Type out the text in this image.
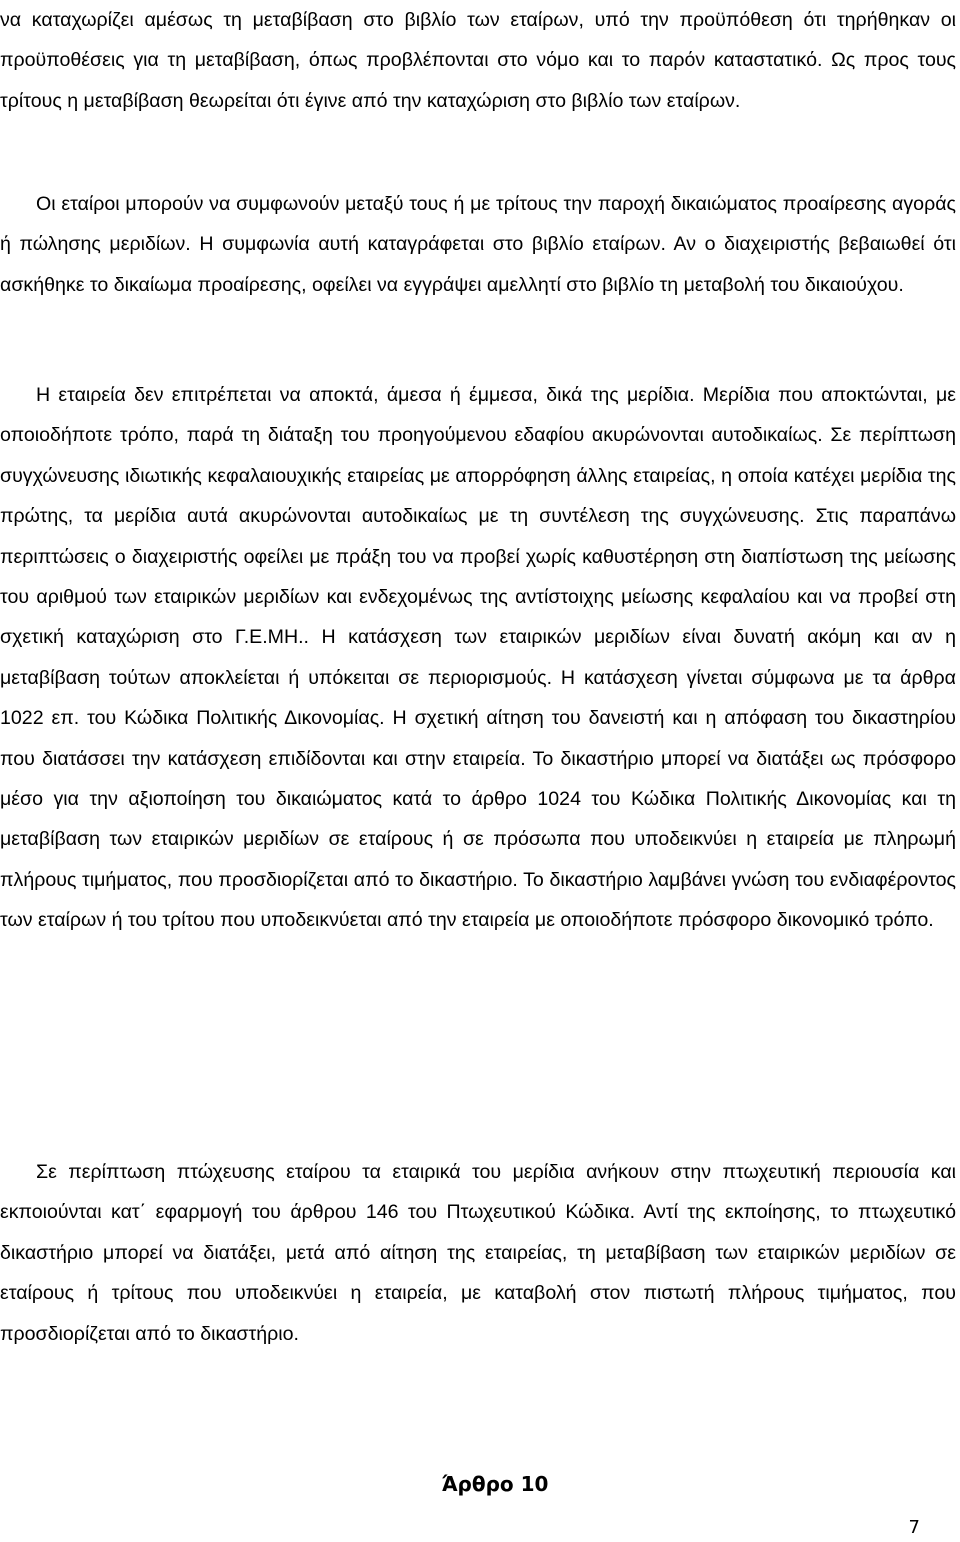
να καταχωρίζει αμέσως τη μεταβίβαση στο βιβλίο των εταίρων, υπό την προϋπόθεση ότι τηρήθηκαν οι προϋποθέσεις για τη μεταβίβαση, όπως προβλέπονται στο νόμο και το παρόν καταστατικό. Ως προς τους τρίτους η μεταβίβαση θεωρείται ότι έγινε από την καταχώριση στο βιβλίο των εταίρων.

Οι εταίροι μπορούν να συμφωνούν μεταξύ τους ή με τρίτους την παροχή δικαιώματος προαίρεσης αγοράς ή πώλησης μεριδίων. Η συμφωνία αυτή καταγράφεται στο βιβλίο εταίρων. Αν ο διαχειριστής βεβαιωθεί ότι ασκήθηκε το δικαίωμα προαίρεσης, οφείλει να εγγράψει αμελλητί στο βιβλίο τη μεταβολή του δικαιούχου.

Η εταιρεία δεν επιτρέπεται να αποκτά, άμεσα ή έμμεσα, δικά της μερίδια. Μερίδια που αποκτώνται, με οποιοδήποτε τρόπο, παρά τη διάταξη του προηγούμενου εδαφίου ακυρώνονται αυτοδικαίως. Σε περίπτωση συγχώνευσης ιδιωτικής κεφαλαιουχικής εταιρείας με απορρόφηση άλλης εταιρείας, η οποία κατέχει μερίδια της πρώτης, τα μερίδια αυτά ακυρώνονται αυτοδικαίως με τη συντέλεση της συγχώνευσης. Στις παραπάνω περιπτώσεις ο διαχειριστής οφείλει με πράξη του να προβεί χωρίς καθυστέρηση στη διαπίστωση της μείωσης του αριθμού των εταιρικών μεριδίων και ενδεχομένως της αντίστοιχης μείωσης κεφαλαίου και να προβεί στη σχετική καταχώριση στο Γ.Ε.ΜΗ.. Η κατάσχεση των εταιρικών μεριδίων είναι δυνατή ακόμη και αν η μεταβίβαση τούτων αποκλείεται ή υπόκειται σε περιορισμούς. Η κατάσχεση γίνεται σύμφωνα με τα άρθρα 1022 επ. του Κώδικα Πολιτικής Δικονομίας. Η σχετική αίτηση του δανειστή και η απόφαση του δικαστηρίου που διατάσσει την κατάσχεση επιδίδονται και στην εταιρεία. Το δικαστήριο μπορεί να διατάξει ως πρόσφορο μέσο για την αξιοποίηση του δικαιώματος κατά το άρθρο 1024 του Κώδικα Πολιτικής Δικονομίας και τη μεταβίβαση των εταιρικών μεριδίων σε εταίρους ή σε πρόσωπα που υποδεικνύει η εταιρεία με πληρωμή πλήρους τιμήματος, που προσδιορίζεται από το δικαστήριο. Το δικαστήριο λαμβάνει γνώση του ενδιαφέροντος των εταίρων ή του τρίτου που υποδεικνύεται από την εταιρεία με οποιοδήποτε πρόσφορο δικονομικό τρόπο.

Σε περίπτωση πτώχευσης εταίρου τα εταιρικά του μερίδια ανήκουν στην πτωχευτική περιουσία και εκποιούνται κατ΄ εφαρμογή του άρθρου 146 του Πτωχευτικού Κώδικα. Αντί της εκποίησης, το πτωχευτικό δικαστήριο μπορεί να διατάξει, μετά από αίτηση της εταιρείας, τη μεταβίβαση των εταιρικών μεριδίων σε εταίρους ή τρίτους που υποδεικνύει η εταιρεία, με καταβολή στον πιστωτή πλήρους τιμήματος, που προσδιορίζεται από το δικαστήριο.

Άρθρο 10
7
